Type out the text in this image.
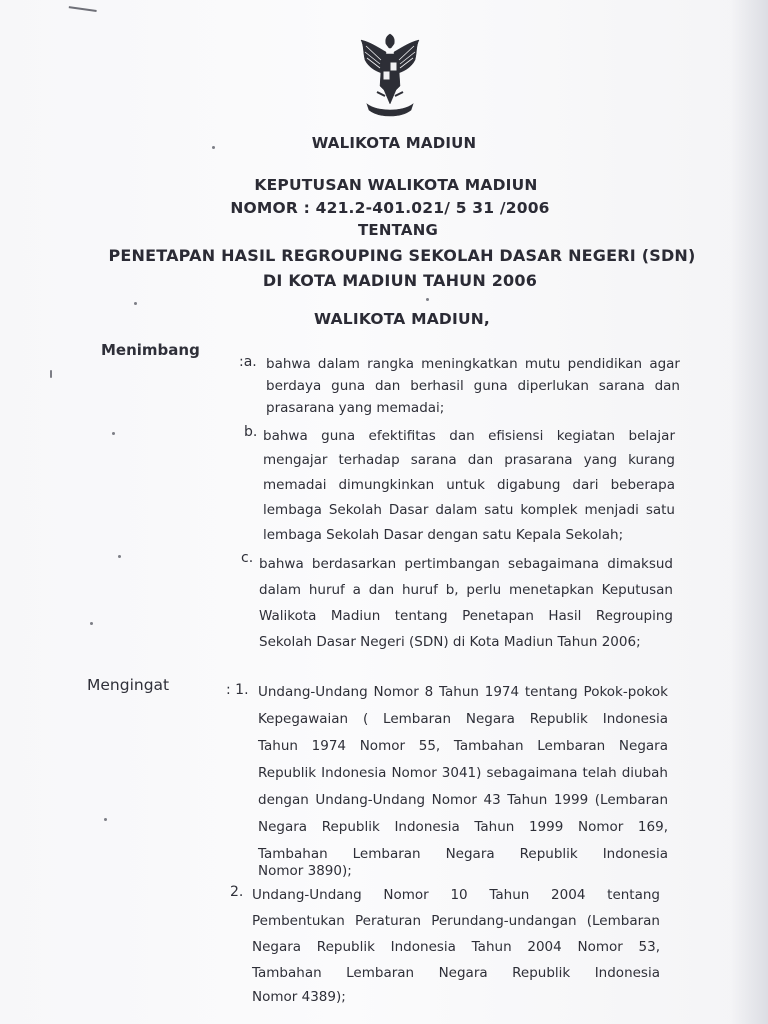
WALIKOTA MADIUN
KEPUTUSAN WALIKOTA MADIUN
NOMOR : 421.2-401.021/ 5 31 /2006
TENTANG
PENETAPAN HASIL REGROUPING SEKOLAH DASAR NEGERI (SDN)
DI KOTA MADIUN TAHUN 2006
WALIKOTA MADIUN,
Menimbang
:a. bahwa dalam rangka meningkatkan mutu pendidikan agar
berdaya guna dan berhasil guna diperlukan sarana dan
prasarana yang memadai;
b. bahwa guna efektifitas dan efisiensi kegiatan belajar
mengajar terhadap sarana dan prasarana yang kurang
memadai dimungkinkan untuk digabung dari beberapa
lembaga Sekolah Dasar dalam satu komplek menjadi satu
lembaga Sekolah Dasar dengan satu Kepala Sekolah;
c. bahwa berdasarkan pertimbangan sebagaimana dimaksud
dalam huruf a dan huruf b, perlu menetapkan Keputusan
Walikota Madiun tentang Penetapan Hasil Regrouping
Sekolah Dasar Negeri (SDN) di Kota Madiun Tahun 2006;
Mengingat	: 1. Undang-Undang Nomor 8 Tahun 1974 tentang Pokok-pokok
Kepegawaian ( Lembaran Negara Republik Indonesia
Tahun 1974 Nomor 55, Tambahan Lembaran Negara
Republik Indonesia Nomor 3041) sebagaimana telah diubah
dengan Undang-Undang Nomor 43 Tahun 1999 (Lembaran
Negara Republik Indonesia Tahun 1999 Nomor 169,
Tambahan Lembaran Negara Republik Indonesia
Nomor 3890);
2. Undang-Undang Nomor 10 Tahun 2004 tentang
Pembentukan Peraturan Perundang-undangan (Lembaran
Negara Republik Indonesia Tahun 2004 Nomor 53,
Tambahan Lembaran Negara Republik Indonesia
Nomor 4389);
